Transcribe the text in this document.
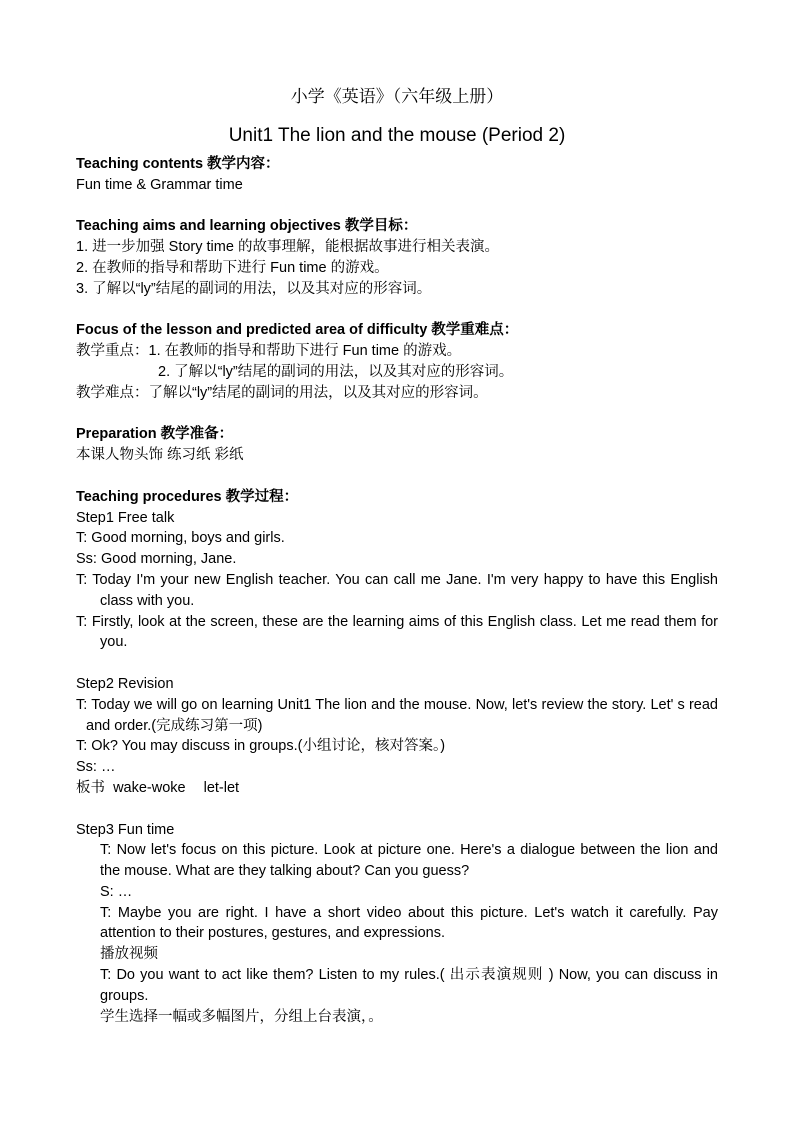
小学《英语》（六年级上册）

Unit1 The lion and the mouse (Period 2)

Teaching contents 教学内容：

Fun time & Grammar time

Teaching aims and learning objectives 教学目标：

1. 进一步加强 Story time 的故事理解，能根据故事进行相关表演。

2. 在教师的指导和帮助下进行 Fun time 的游戏。

3. 了解以“ly”结尾的副词的用法，以及其对应的形容词。

Focus of the lesson and predicted area of difficulty 教学重难点：

教学重点：1. 在教师的指导和帮助下进行 Fun time 的游戏。

2. 了解以“ly”结尾的副词的用法，以及其对应的形容词。

教学难点：了解以“ly”结尾的副词的用法，以及其对应的形容词。

Preparation 教学准备：

本课人物头饰 练习纸 彩纸

Teaching procedures 教学过程：

Step1 Free talk

T: Good morning, boys and girls.

Ss: Good morning, Jane.

T: Today I'm your new English teacher. You can call me Jane. I'm very happy to have this English class with you.

T: Firstly, look at the screen, these are the learning aims of this English class. Let me read them for you.

Step2 Revision

T: Today we will go on learning Unit1 The lion and the mouse. Now, let's review the story. Let' s read and order.(完成练习第一项)

T: Ok? You may discuss in groups.(小组讨论，核对答案。)

Ss: …

板书 wake-woke let-let

Step3 Fun time

T: Now let's focus on this picture. Look at picture one. Here's a dialogue between the lion and the mouse. What are they talking about? Can you guess?

S: …

T: Maybe you are right. I have a short video about this picture. Let's watch it carefully. Pay attention to their postures, gestures, and expressions.

播放视频

T: Do you want to act like them? Listen to my rules.( 出示表演规则 ) Now, you can discuss in groups.

学生选择一幅或多幅图片，分组上台表演，。
